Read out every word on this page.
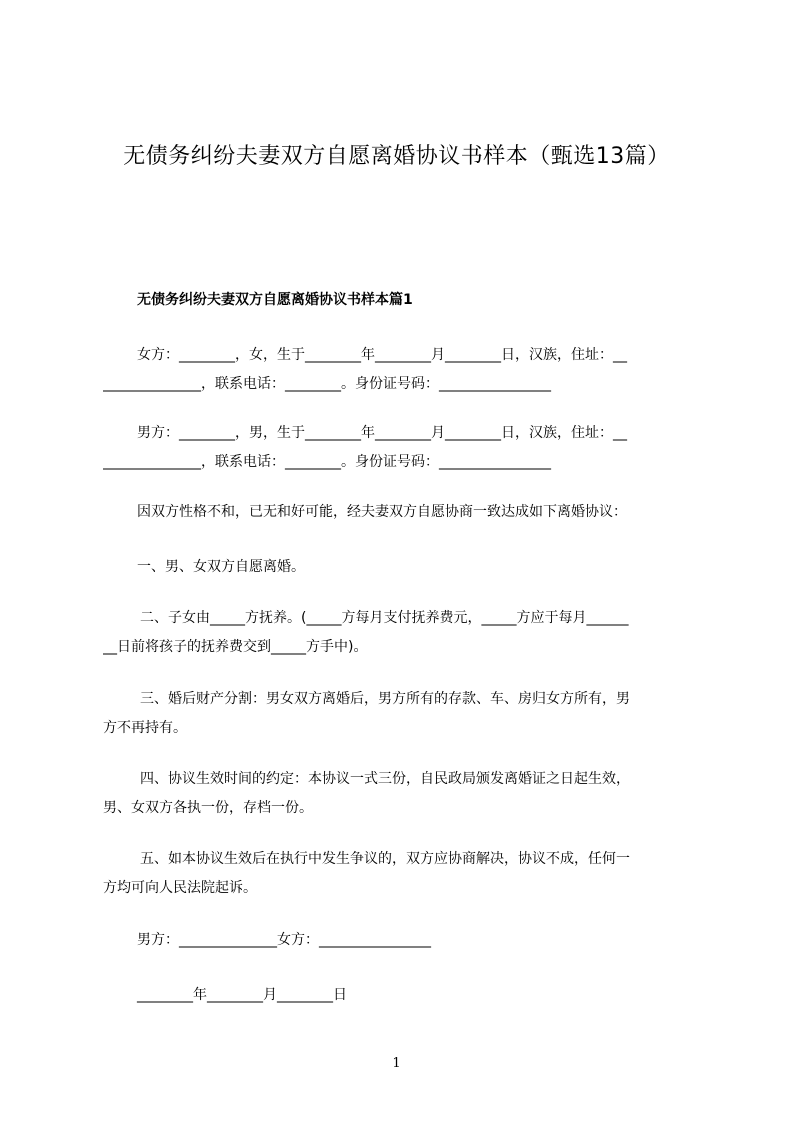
无债务纠纷夫妻双方自愿离婚协议书样本（甄选13篇）
无债务纠纷夫妻双方自愿离婚协议书样本篇1
女方：________，女，生于________年________月________日，汉族，住址：__
______________，联系电话：________。身份证号码：________________
男方：________，男，生于________年________月________日，汉族，住址：__
______________，联系电话：________。身份证号码：________________
因双方性格不和，已无和好可能，经夫妻双方自愿协商一致达成如下离婚协议：
一、男、女双方自愿离婚。
二、子女由_____方抚养。(_____方每月支付抚养费元，_____方应于每月______
__日前将孩子的抚养费交到_____方手中)。
三、婚后财产分割：男女双方离婚后，男方所有的存款、车、房归女方所有，男
方不再持有。
四、协议生效时间的约定：本协议一式三份，自民政局颁发离婚证之日起生效，
男、女双方各执一份，存档一份。
五、如本协议生效后在执行中发生争议的，双方应协商解决，协议不成，任何一
方均可向人民法院起诉。
男方：______________女方：________________
________年________月________日
1
